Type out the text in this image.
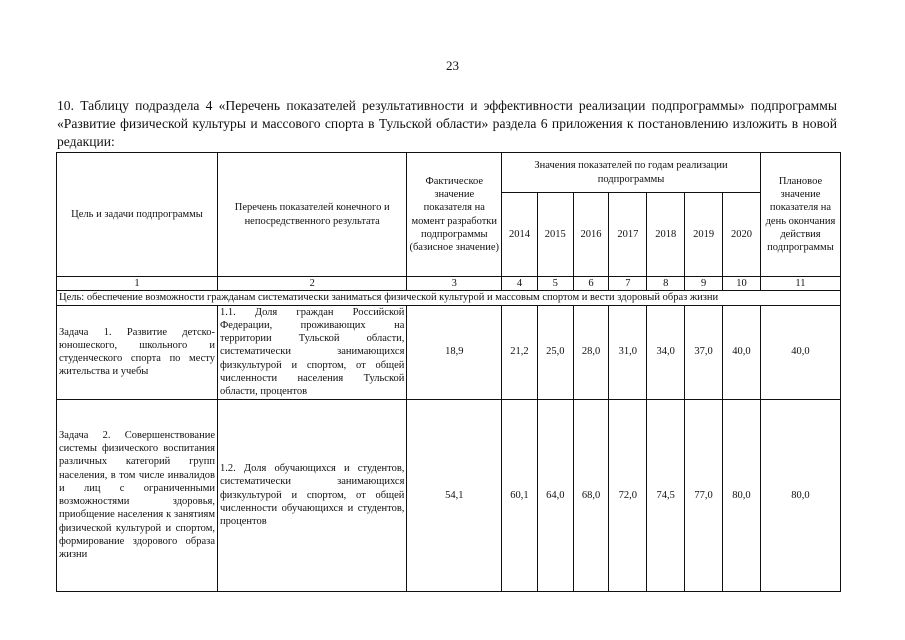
23

10. Таблицу подраздела 4 «Перечень показателей результативности и эффективности реализации подпрограммы» подпрограммы «Развитие физической культуры и массового спорта в Тульской области» раздела 6 приложения к постановлению изложить в новой редакции:

Цель и задачи подпрограммы	Перечень показателей конечного и непосредственного результата	Фактическое значение показателя на момент разработки подпрограммы (базисное значение)	Значения показателей по годам реализации подпрограммы							Плановое значение показателя на день окончания действия подпрограммы
			2014	2015	2016	2017	2018	2019	2020	
1	2	3	4	5	6	7	8	9	10	11
Цель: обеспечение возможности гражданам систематически заниматься физической культурой и массовым спортом и вести здоровый образ жизни										
Задача 1. Развитие детско-юношеского, школьного и студенческого спорта по месту жительства и учебы	1.1. Доля граждан Российской Федерации, проживающих на территории Тульской области, систематически занимающихся физкультурой и спортом, от общей численности населения Тульской области, процентов	18,9	21,2	25,0	28,0	31,0	34,0	37,0	40,0	40,0
Задача 2. Совершенствование системы физического воспитания различных категорий групп населения, в том числе инвалидов и лиц с ограниченными возможностями здоровья, приобщение населения к занятиям физической культурой и спортом, формирование здорового образа жизни	1.2. Доля обучающихся и студентов, систематически занимающихся физкультурой и спортом, от общей численности обучающихся и студентов, процентов	54,1	60,1	64,0	68,0	72,0	74,5	77,0	80,0	80,0
